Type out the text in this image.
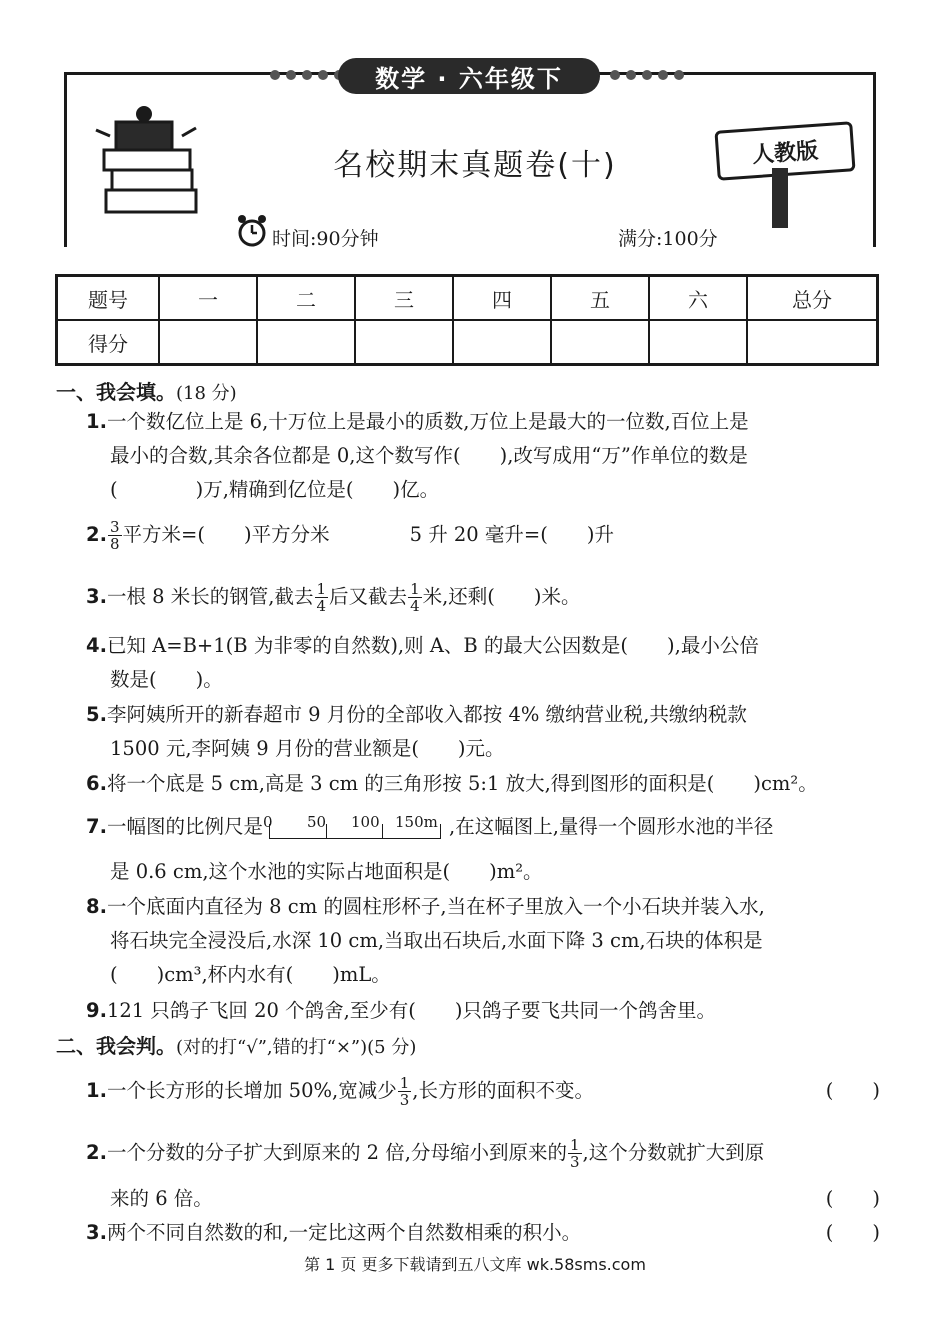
数学 · 六年级下
名校期末真题卷(十)	人教版
时间:90分钟	满分:100分
题号	一	二	三	四	五	六	总分
得分							
一、我会填。(18 分)
1.一个数亿位上是 6,十万位上是最小的质数,万位上是最大的一位数,百位上是
最小的合数,其余各位都是 0,这个数写作(　　),改写成用“万”作单位的数是
(　　　　)万,精确到亿位是(　　)亿。
2. $\frac{3}{8}$ 平方米=(　　)平方分米	5 升 20 毫升=(　　)升
3.一根 8 米长的钢管,截去 $\frac{1}{4}$ 后又截去 $\frac{1}{4}$ 米,还剩(　　)米。
4.已知 A=B+1(B 为非零的自然数),则 A、B 的最大公因数是(　　),最小公倍
数是(　　)。
5.李阿姨所开的新春超市 9 月份的全部收入都按 4% 缴纳营业税,共缴纳税款
1500 元,李阿姨 9 月份的营业额是(　　)元。
6.将一个底是 5 cm,高是 3 cm 的三角形按 5:1 放大,得到图形的面积是(　　)cm²。
7.一幅图的比例尺是 0 50 100 150m ,在这幅图上,量得一个圆形水池的半径
是 0.6 cm,这个水池的实际占地面积是(　　)m²。
8.一个底面内直径为 8 cm 的圆柱形杯子,当在杯子里放入一个小石块并装入水,
将石块完全浸没后,水深 10 cm,当取出石块后,水面下降 3 cm,石块的体积是
(　　)cm³,杯内水有(　　)mL。
9.121 只鸽子飞回 20 个鸽舍,至少有(　　)只鸽子要飞共同一个鸽舍里。
二、我会判。(对的打“√”,错的打“×”)(5 分)
1.一个长方形的长增加 50%,宽减少 $\frac{1}{3}$ ,长方形的面积不变。	(　　)
2.一个分数的分子扩大到原来的 2 倍,分母缩小到原来的 $\frac{1}{3}$ ,这个分数就扩大到原
来的 6 倍。	(　　)
3.两个不同自然数的和,一定比这两个自然数相乘的积小。	(　　)
第 1 页 更多下载请到五八文库 wk.58sms.com
